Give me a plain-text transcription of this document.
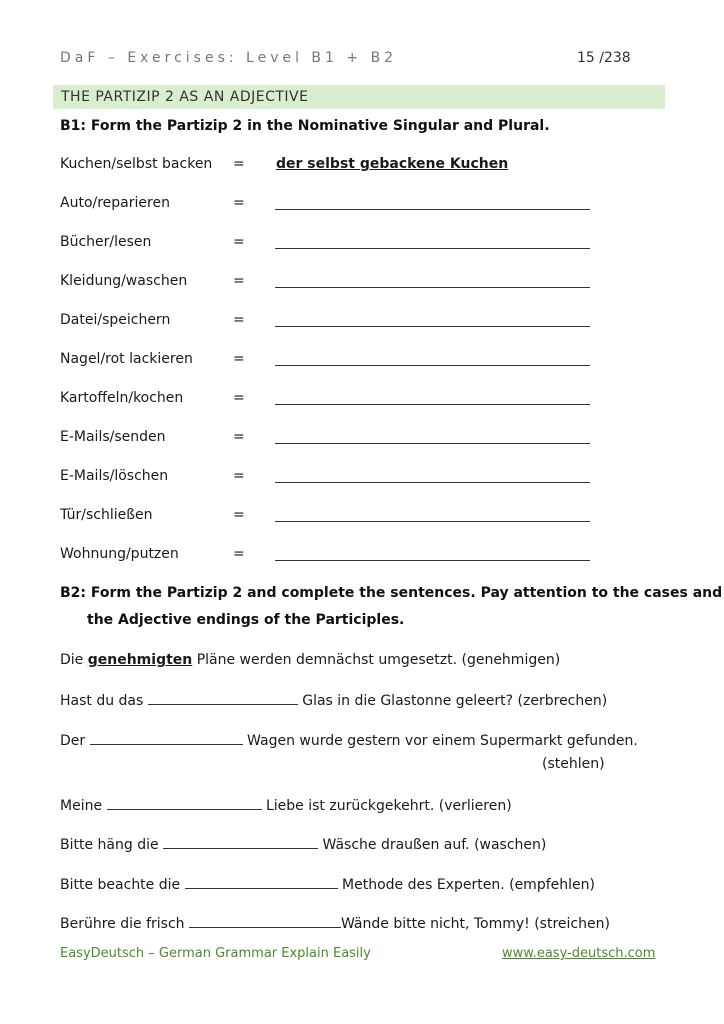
DaF – Exercises: Level B1 + B2	15 /238
THE PARTIZIP 2 AS AN ADJECTIVE
B1: Form the Partizip 2 in the Nominative Singular and Plural.
Kuchen/selbst backen = der selbst gebackene Kuchen
Auto/reparieren	=
Bücher/lesen	=
Kleidung/waschen	=
Datei/speichern	=
Nagel/rot lackieren	=
Kartoffeln/kochen	=
E-Mails/senden	=
E-Mails/löschen	=
Tür/schließen	=
Wohnung/putzen	=
B2: Form the Partizip 2 and complete the sentences. Pay attention to the cases and
the Adjective endings of the Participles.
Die genehmigten Pläne werden demnächst umgesetzt. (genehmigen)
Hast du das	Glas in die Glastonne geleert? (zerbrechen)
Der	Wagen wurde gestern vor einem Supermarkt gefunden.
(stehlen)
Meine	Liebe ist zurückgekehrt. (verlieren)
Bitte häng die	Wäsche draußen auf. (waschen)
Bitte beachte die	Methode des Experten. (empfehlen)
Berühre die frisch	Wände bitte nicht, Tommy! (streichen)
EasyDeutsch – German Grammar Explain Easily	www.easy-deutsch.com
